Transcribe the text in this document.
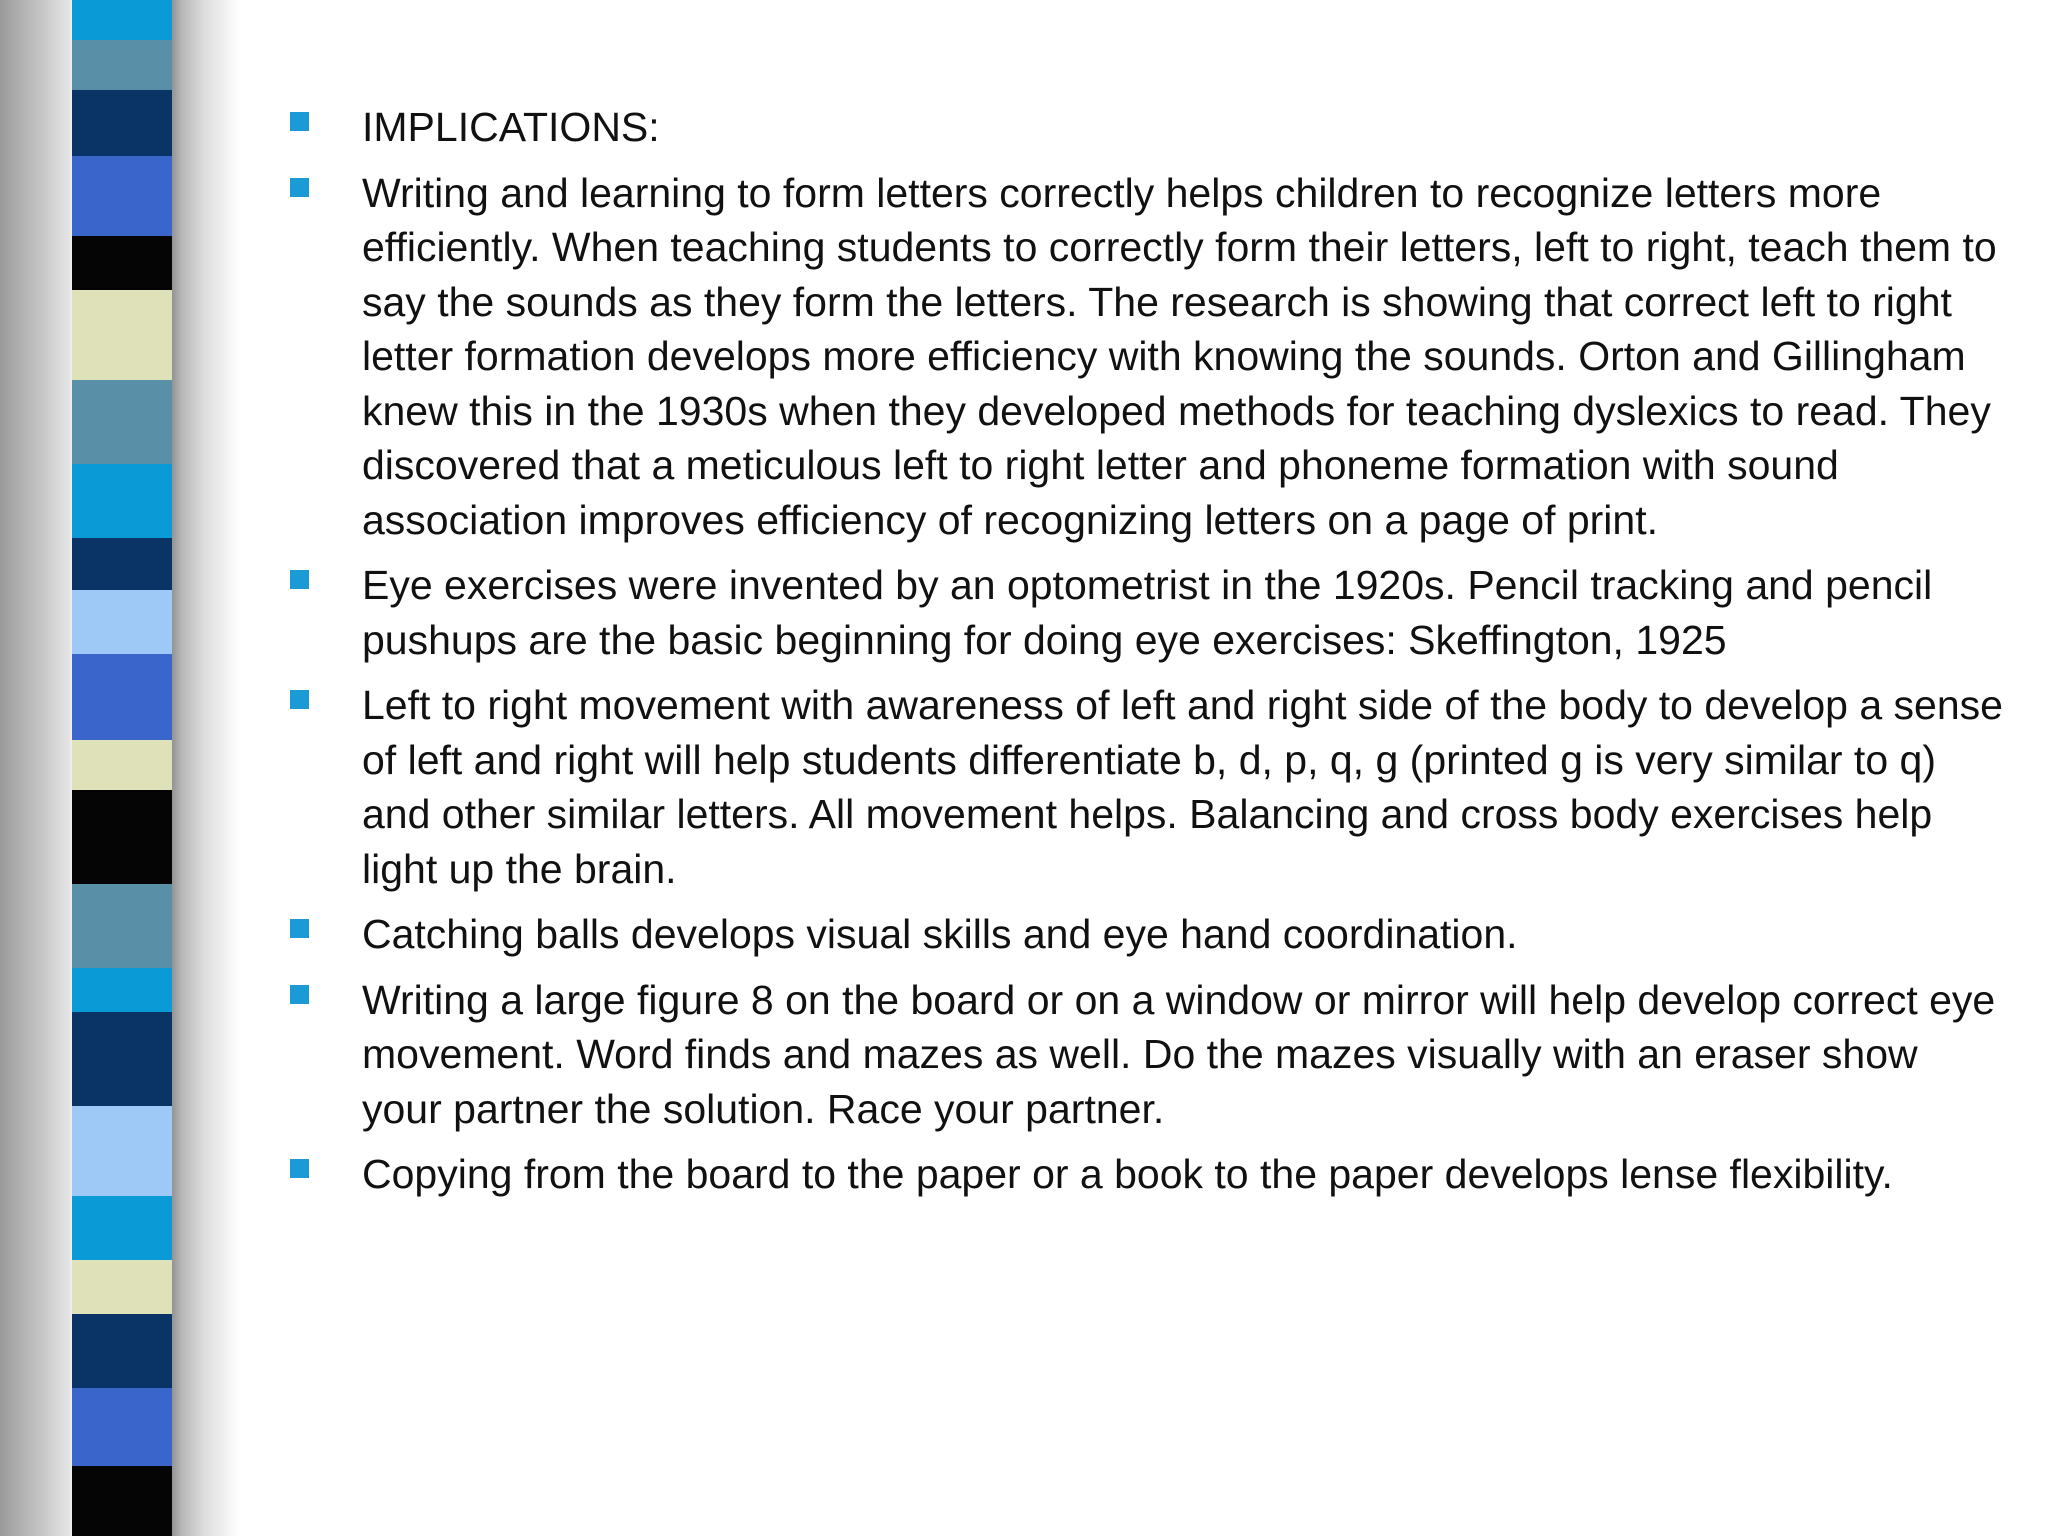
IMPLICATIONS:
Writing and learning to form letters correctly helps children to recognize letters more efficiently. When teaching students to correctly form their letters, left to right, teach them to say the sounds as they form the letters. The research is showing that correct left to right letter formation develops more efficiency with knowing the sounds. Orton and Gillingham knew this in the 1930s when they developed methods for teaching dyslexics to read. They discovered that a meticulous left to right letter and phoneme formation with sound association improves efficiency of recognizing letters on a page of print.
Eye exercises were invented by an optometrist in the 1920s. Pencil tracking and pencil pushups are the basic beginning for doing eye exercises: Skeffington, 1925
Left to right movement with awareness of left and right side of the body to develop a sense of left and right will help students differentiate b, d, p, q, g (printed g is very similar to q) and other similar letters. All movement helps. Balancing and cross body exercises help light up the brain.
Catching balls develops visual skills and eye hand coordination.
Writing a large figure 8 on the board or on a window or mirror will help develop correct eye movement. Word finds and mazes as well. Do the mazes visually with an eraser show your partner the solution. Race your partner.
Copying from the board to the paper or a book to the paper develops lense flexibility.
